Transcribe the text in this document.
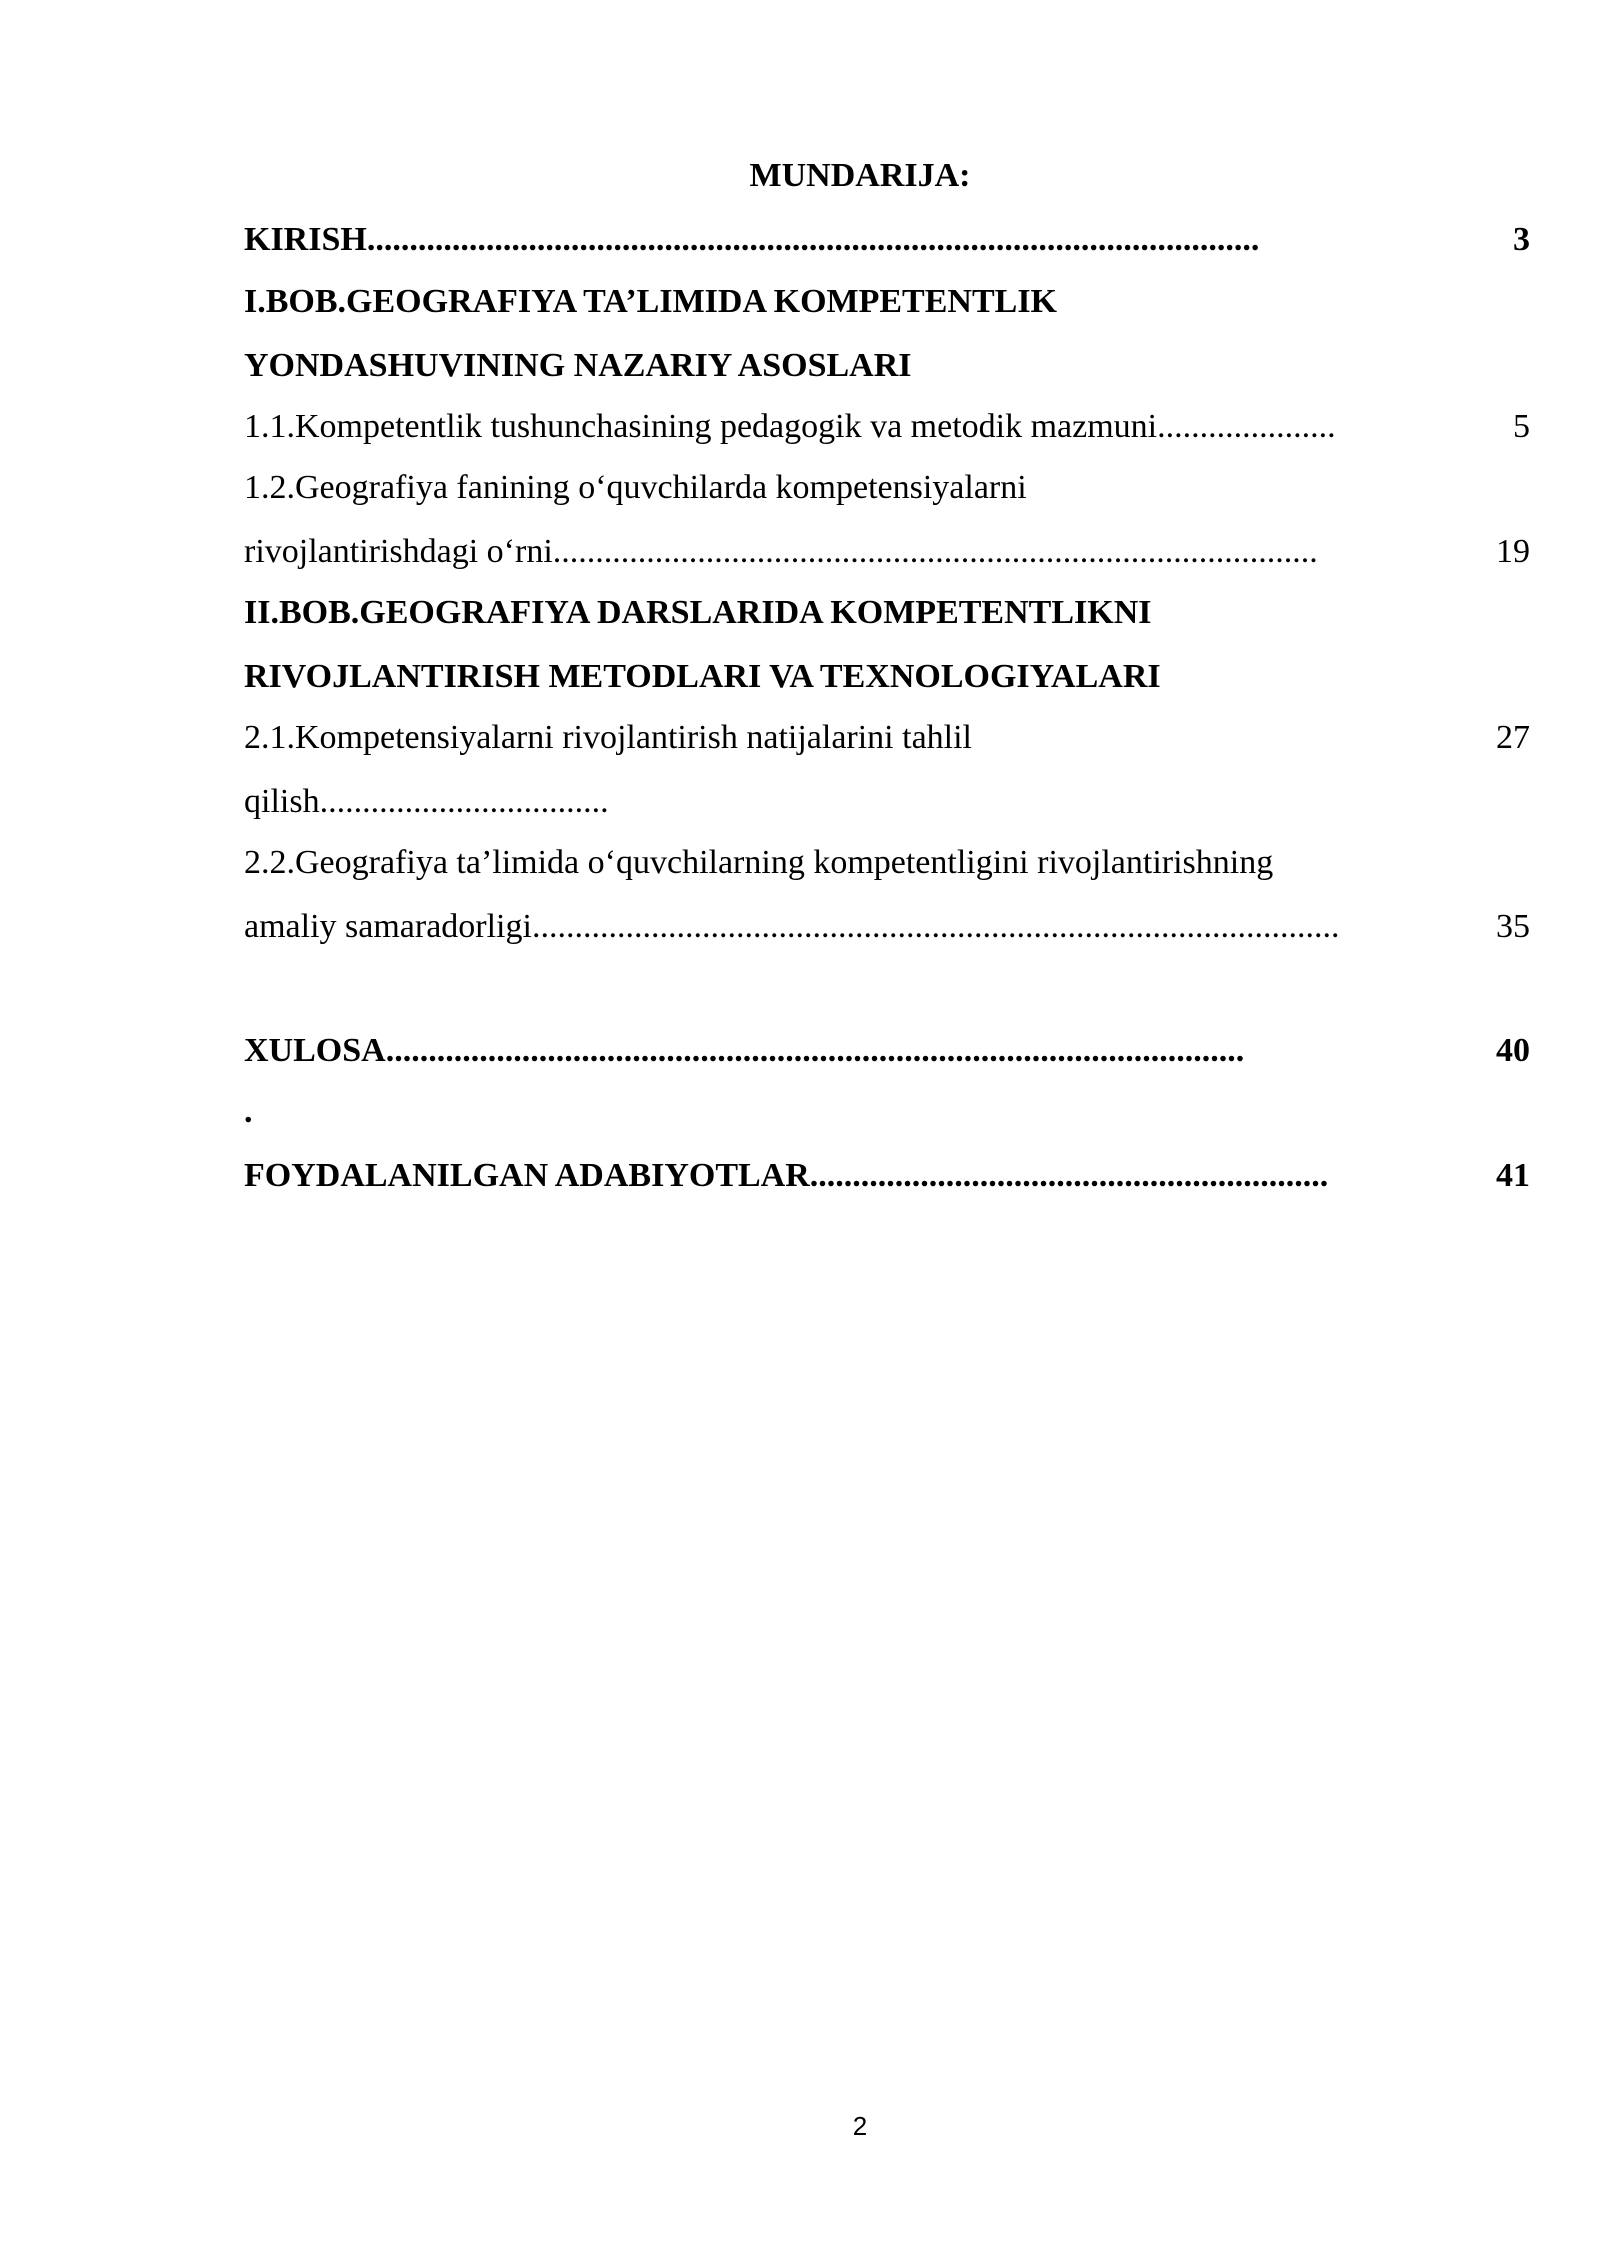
MUNDARIJA:
KIRISH.........................................................................................................	3
I.BOB.GEOGRAFIYA TA’LIMIDA KOMPETENTLIK
YONDASHUVINING NAZARIY ASOSLARI
1.1.Kompetentlik tushunchasining pedagogik va metodik mazmuni.....................	5
1.2.Geografiya fanining o‘quvchilarda kompetensiyalarni
rivojlantirishdagi o‘rni..........................................................................................	19
II.BOB.GEOGRAFIYA DARSLARIDA KOMPETENTLIKNI
RIVOJLANTIRISH METODLARI VA TEXNOLOGIYALARI
2.1.Kompetensiyalarni rivojlantirish natijalarini tahlil	27
qilish..................................
2.2.Geografiya ta’limida o‘quvchilarning kompetentligini rivojlantirishning
amaliy samaradorligi...............................................................................................	35
XULOSA.....................................................................................................	40
.
FOYDALANILGAN ADABIYOTLAR.............................................................	41
2
